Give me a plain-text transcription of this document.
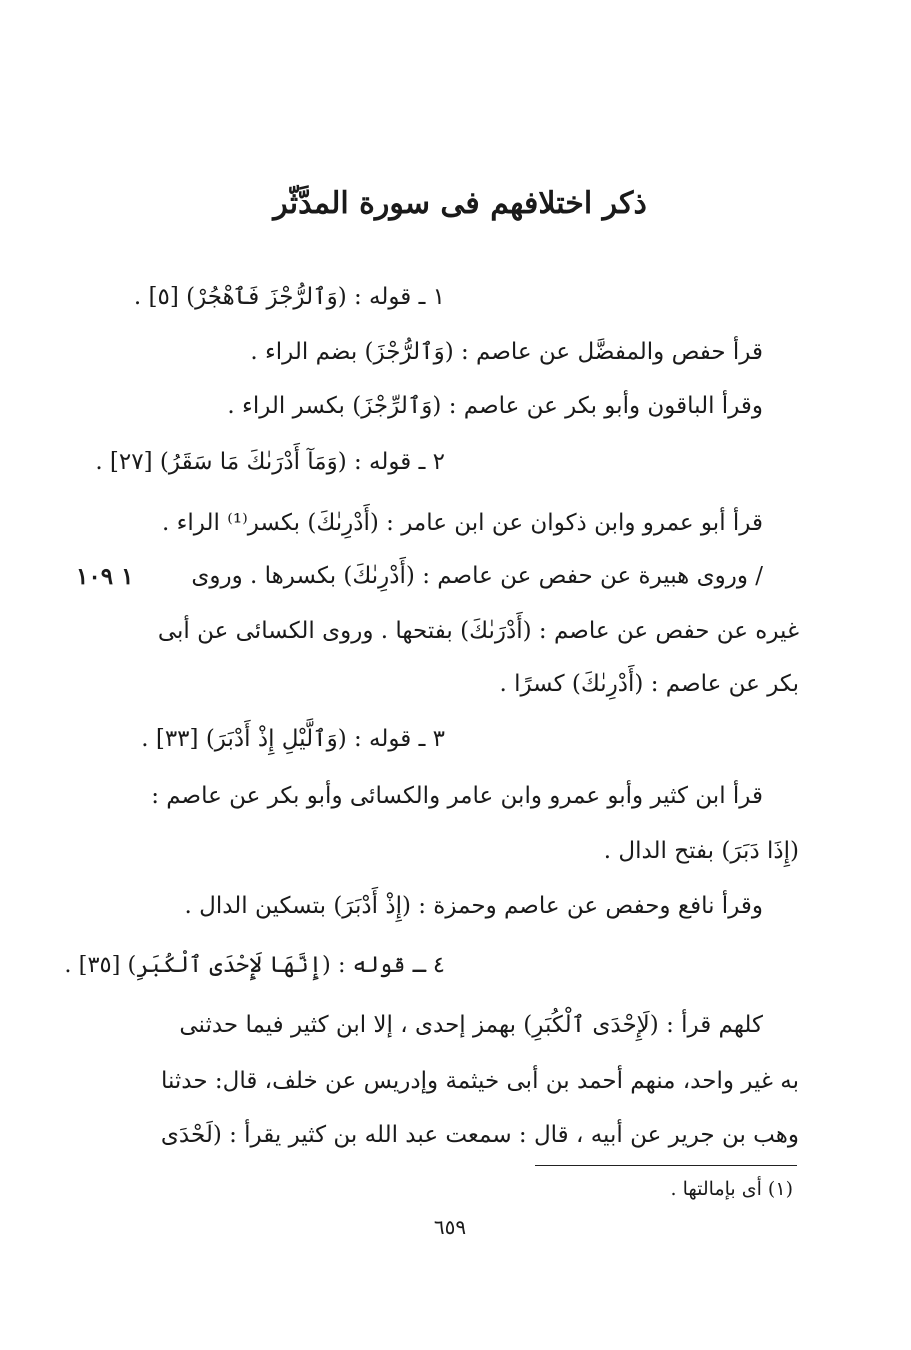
ذكر اختلافهم فى سورة المدَّثّر
١ ـ قوله : (وَٱلرُّجْزَ فَٱهْجُرْ) [٥] .
قرأ حفص والمفضَّل عن عاصم : (وَٱلرُّجْزَ) بضم الراء .
وقرأ الباقون وأبو بكر عن عاصم : (وَٱلرِّجْزَ) بكسر الراء .
٢ ـ قوله : (وَمَآ أَدْرَىٰكَ مَا سَقَرُ) [٢٧] .
قرأ أبو عمرو وابن ذكوان عن ابن عامر : (أَدْرِىٰكَ) بكسر⁽¹⁾ الراء .
/ وروى هبيرة عن حفص عن عاصم : (أَدْرِىٰكَ) بكسرها . وروى
غيره عن حفص عن عاصم : (أَدْرَىٰكَ) بفتحها . وروى الكسائى عن أبى
بكر عن عاصم : (أَدْرِىٰكَ) كسرًا .
٣ ـ قوله : (وَٱلَّيْلِ إِذْ أَدْبَرَ) [٣٣] .
قرأ ابن كثير وأبو عمرو وابن عامر والكسائى وأبو بكر عن عاصم :
(إِذَا دَبَرَ) بفتح الدال .
وقرأ نافع وحفص عن عاصم وحمزة : (إِذْ أَدْبَرَ) بتسكين الدال .
٤ ـ قوله : (إِنَّهَا لَإِحْدَى ٱلْكُبَرِ) [٣٥] .
كلهم قرأ : (لَإِحْدَى ٱلْكُبَرِ) بهمز إحدى ، إلا ابن كثير فيما حدثنى
به غير واحد، منهم أحمد بن أبى خيثمة وإدريس عن خلف، قال: حدثنا
وهب بن جرير عن أبيه ، قال : سمعت عبد الله بن كثير يقرأ : (لَحْدَى
١ ١٠٩
(١) أى بإمالتها .
٦٥٩
